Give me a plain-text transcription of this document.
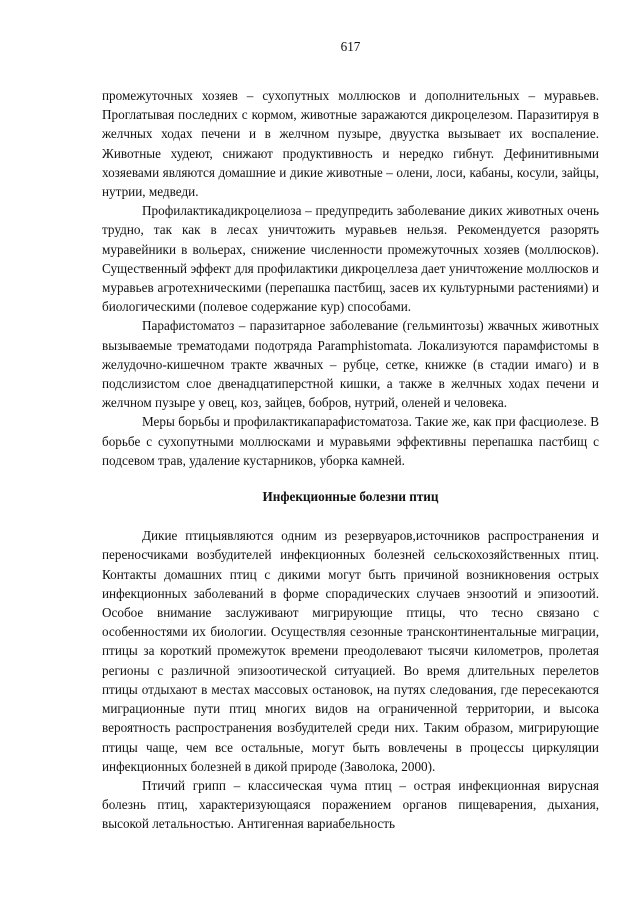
617

промежуточных хозяев – сухопутных моллюсков и дополнительных – муравьев. Проглатывая последних с кормом, животные заражаются дикроцелезом. Паразитируя в желчных ходах печени и в желчном пузыре, двуустка вызывает их воспаление. Животные худеют, снижают продуктивность и нередко гибнут. Дефинитивными хозяевами являются домашние и дикие животные – олени, лоси, кабаны, косули, зайцы, нутрии, медведи.

Профилактикадикроцелиоза – предупредить заболевание диких животных очень трудно, так как в лесах уничтожить муравьев нельзя. Рекомендуется разорять муравейники в вольерах, снижение численности промежуточных хозяев (моллюсков). Существенный эффект для профилактики дикроцеллеза дает уничтожение моллюсков и муравьев агротехническими (перепашка пастбищ, засев их культурными растениями) и биологическими (полевое содержание кур) способами.

Парафистоматоз – паразитарное заболевание (гельминтозы) жвачных животных вызываемые трематодами подотряда Paramphistomata. Локализуются парамфистомы в желудочно-кишечном тракте жвачных – рубце, сетке, книжке (в стадии имаго) и в подслизистом слое двенадцатиперстной кишки, а также в желчных ходах печени и желчном пузыре у овец, коз, зайцев, бобров, нутрий, оленей и человека.

Меры борьбы и профилактикапарафистоматоза. Такие же, как при фасциолезе. В борьбе с сухопутными моллюсками и муравьями эффективны перепашка пастбищ с подсевом трав, удаление кустарников, уборка камней.

Инфекционные болезни птиц

Дикие птицыявляются одним из резервуаров,источников распространения и переносчиками возбудителей инфекционных болезней сельскохозяйственных птиц. Контакты домашних птиц с дикими могут быть причиной возникновения острых инфекционных заболеваний в форме спорадических случаев энзоотий и эпизоотий. Особое внимание заслуживают мигрирующие птицы, что тесно связано с особенностями их биологии. Осуществляя сезонные трансконтинентальные миграции, птицы за короткий промежуток времени преодолевают тысячи километров, пролетая регионы с различной эпизоотической ситуацией. Во время длительных перелетов птицы отдыхают в местах массовых остановок, на путях следования, где пересекаются миграционные пути птиц многих видов на ограниченной территории, и высока вероятность распространения возбудителей среди них. Таким образом, мигрирующие птицы чаще, чем все остальные, могут быть вовлечены в процессы циркуляции инфекционных болезней в дикой природе (Заволока, 2000).

Птичий грипп – классическая чума птиц – острая инфекционная вирусная болезнь птиц, характеризующаяся поражением органов пищеварения, дыхания, высокой летальностью. Антигенная вариабельность
